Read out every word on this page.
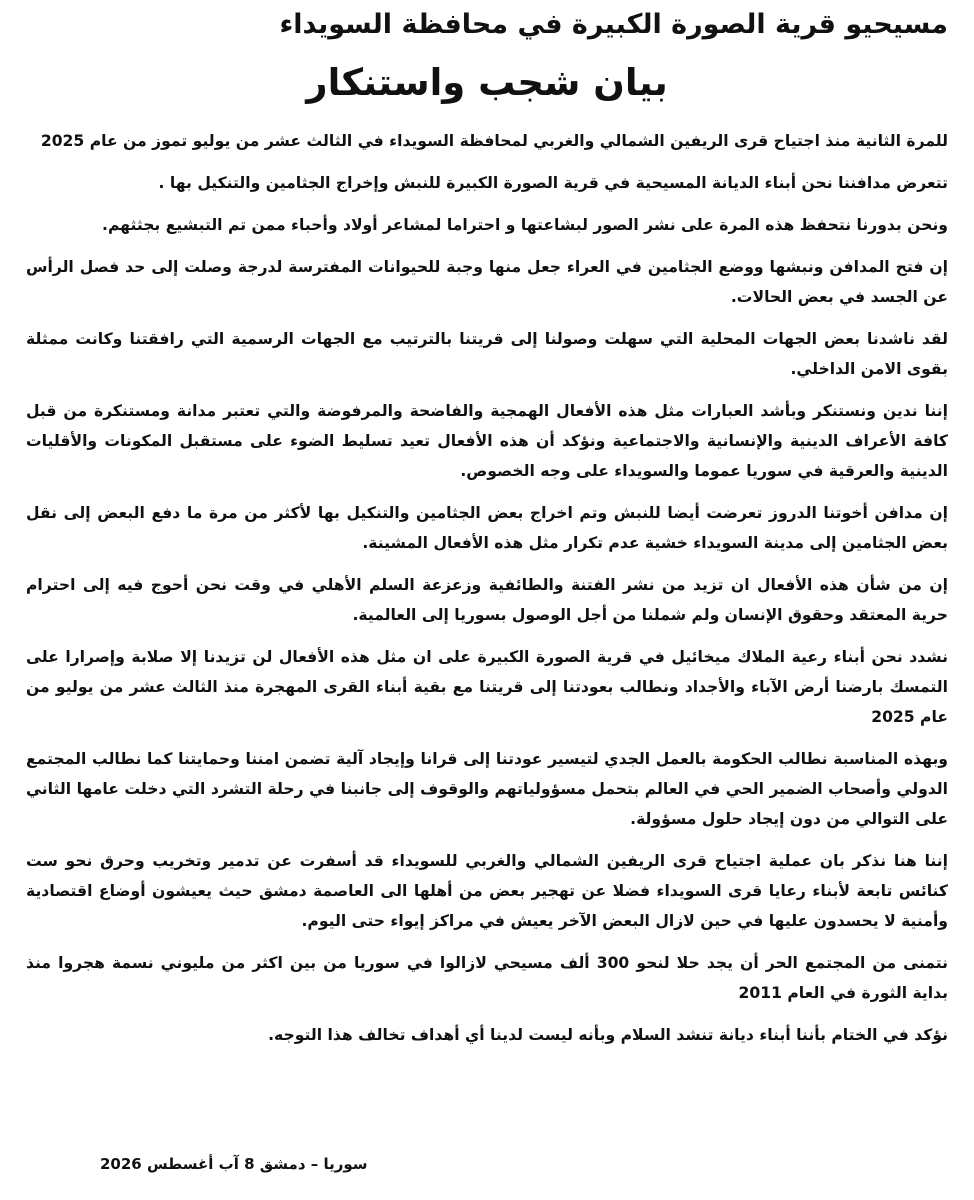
مسيحيو قرية الصورة الكبيرة في محافظة السويداء
بيان شجب واستنكار
للمرة الثانية منذ اجتياح قرى الريفين الشمالي والغربي لمحافظة السويداء في الثالث عشر من يوليو تموز من عام 2025
تتعرض مدافننا نحن أبناء الديانة المسيحية في قرية الصورة الكبيرة للنبش وإخراج الجثامين والتنكيل بها .
ونحن بدورنا نتحفظ هذه المرة على نشر الصور لبشاعتها و احتراما لمشاعر أولاد وأحباء ممن تم التبشيع بجثثهم.
إن فتح المدافن ونبشها ووضع الجثامين في العراء جعل منها وجبة للحيوانات المفترسة لدرجة وصلت إلى حد فصل الرأس عن الجسد في بعض الحالات.
لقد ناشدنا بعض الجهات المحلية التي سهلت وصولنا إلى قريتنا بالترتيب مع الجهات الرسمية التي رافقتنا وكانت ممثلة بقوى الامن الداخلي.
إننا ندين ونستنكر وبأشد العبارات مثل هذه الأفعال الهمجية والفاضحة والمرفوضة والتي تعتبر مدانة ومستنكرة من قبل كافة الأعراف الدينية والإنسانية والاجتماعية ونؤكد أن هذه الأفعال تعيد تسليط الضوء على مستقبل المكونات والأقليات الدينية والعرقية في سوريا عموما والسويداء على وجه الخصوص.
إن مدافن أخوتنا الدروز تعرضت أيضا للنبش وتم اخراج بعض الجثامين والتنكيل بها لأكثر من مرة ما دفع البعض إلى نقل بعض الجثامين إلى مدينة السويداء خشية عدم تكرار مثل هذه الأفعال المشينة.
إن من شأن هذه الأفعال ان تزيد من نشر الفتنة والطائفية وزعزعة السلم الأهلي في وقت نحن أحوج فيه إلى احترام حرية المعتقد وحقوق الإنسان ولم شملنا من أجل الوصول بسوريا إلى العالمية.
نشدد نحن أبناء رعية الملاك ميخائيل في قرية الصورة الكبيرة على ان مثل هذه الأفعال لن تزيدنا إلا صلابة وإصرارا على التمسك بارضنا أرض الآباء والأجداد ونطالب بعودتنا إلى قريتنا مع بقية أبناء القرى المهجرة منذ الثالث عشر من يوليو من عام 2025
وبهذه المناسبة نطالب الحكومة بالعمل الجدي لتيسير عودتنا إلى قرانا وإيجاد آلية تضمن امننا وحمايتنا كما نطالب المجتمع الدولي وأصحاب الضمير الحي في العالم بتحمل مسؤولياتهم والوقوف إلى جانبنا في رحلة التشرد التي دخلت عامها الثاني على التوالي من دون إيجاد حلول مسؤولة.
إننا هنا نذكر بان عملية اجتياح قرى الريفين الشمالي والغربي للسويداء قد أسفرت عن تدمير وتخريب وحرق نحو ست كنائس تابعة لأبناء رعايا قرى السويداء فضلا عن تهجير بعض من أهلها الى العاصمة دمشق حيث يعيشون أوضاع اقتصادية وأمنية لا يحسدون عليها في حين لازال البعض الآخر يعيش في مراكز إيواء حتى اليوم.
نتمنى من المجتمع الحر أن يجد حلا لنحو 300 ألف مسيحي لازالوا في سوريا من بين اكثر من مليوني نسمة هجروا منذ بداية الثورة في العام 2011
نؤكد في الختام بأننا أبناء ديانة تنشد السلام وبأنه ليست لدينا أي أهداف تخالف هذا التوجه.
سوريا – دمشق 8 آب أغسطس 2026
